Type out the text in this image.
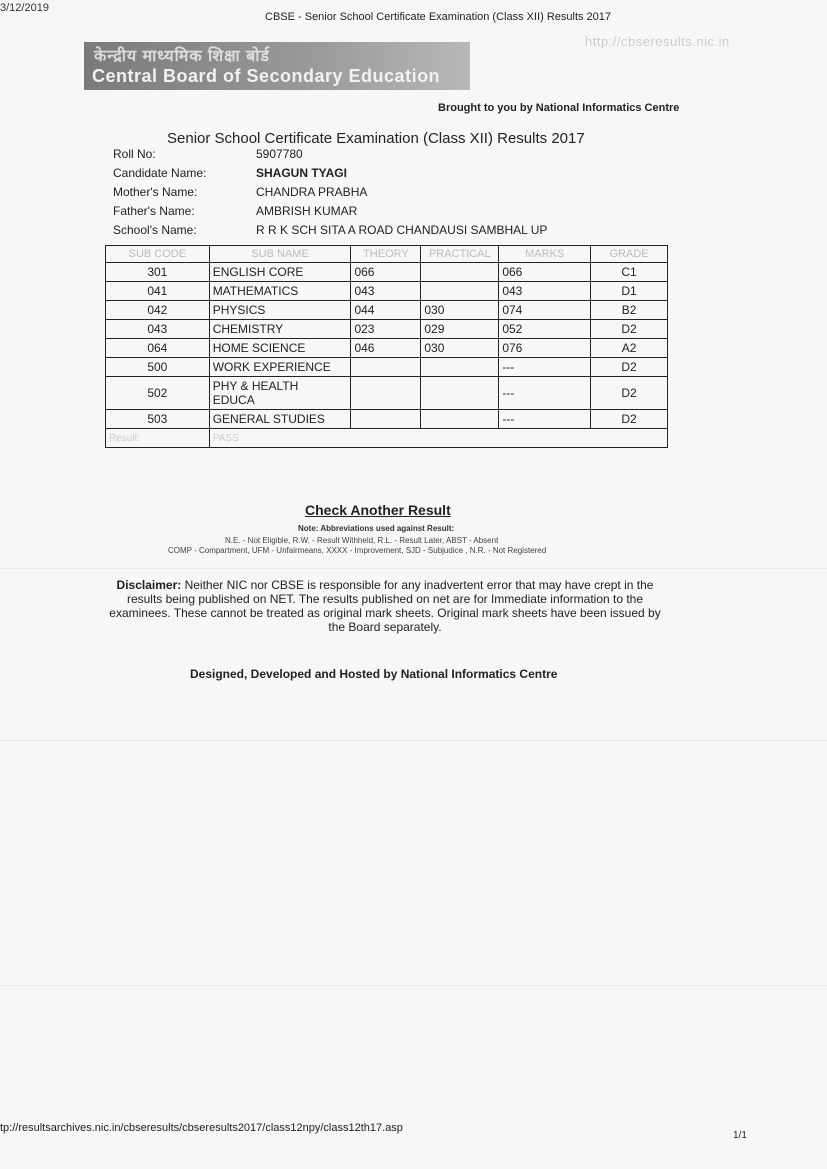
3/12/2019
CBSE - Senior School Certificate Examination (Class XII) Results 2017
http://cbseresults.nic.in
केन्द्रीय माध्यमिक शिक्षा बोर्ड
Central Board of Secondary Education
Brought to you by National Informatics Centre
Senior School Certificate Examination (Class XII) Results 2017
Roll No:	5907780
Candidate Name:	SHAGUN TYAGI
Mother's Name:	CHANDRA PRABHA
Father's Name:	AMBRISH KUMAR
School's Name:	R R K SCH SITA A ROAD CHANDAUSI SAMBHAL UP
SUB CODE	SUB NAME	THEORY	PRACTICAL	MARKS	GRADE
301	ENGLISH CORE	066		066	C1
041	MATHEMATICS	043		043	D1
042	PHYSICS	044	030	074	B2
043	CHEMISTRY	023	029	052	D2
064	HOME SCIENCE	046	030	076	A2
500	WORK EXPERIENCE			---	D2
502	PHY & HEALTH
EDUCA			---	D2
503	GENERAL STUDIES			---	D2
Result:	PASS				
Check Another Result
Note: Abbreviations used against Result:
N.E. - Not Eligible, R.W. - Result Withheld, R.L. - Result Later, ABST - Absent
COMP - Compartment, UFM - Unfairmeans, XXXX - Improvement, SJD - Subjudice , N.R. - Not Registered
Disclaimer: Neither NIC nor CBSE is responsible for any inadvertent error that may have crept in the results being published on NET. The results published on net are for Immediate information to the examinees. These cannot be treated as original mark sheets. Original mark sheets have been issued by the Board separately.
Designed, Developed and Hosted by National Informatics Centre
tp://resultsarchives.nic.in/cbseresults/cbseresults2017/class12npy/class12th17.asp
1/1
